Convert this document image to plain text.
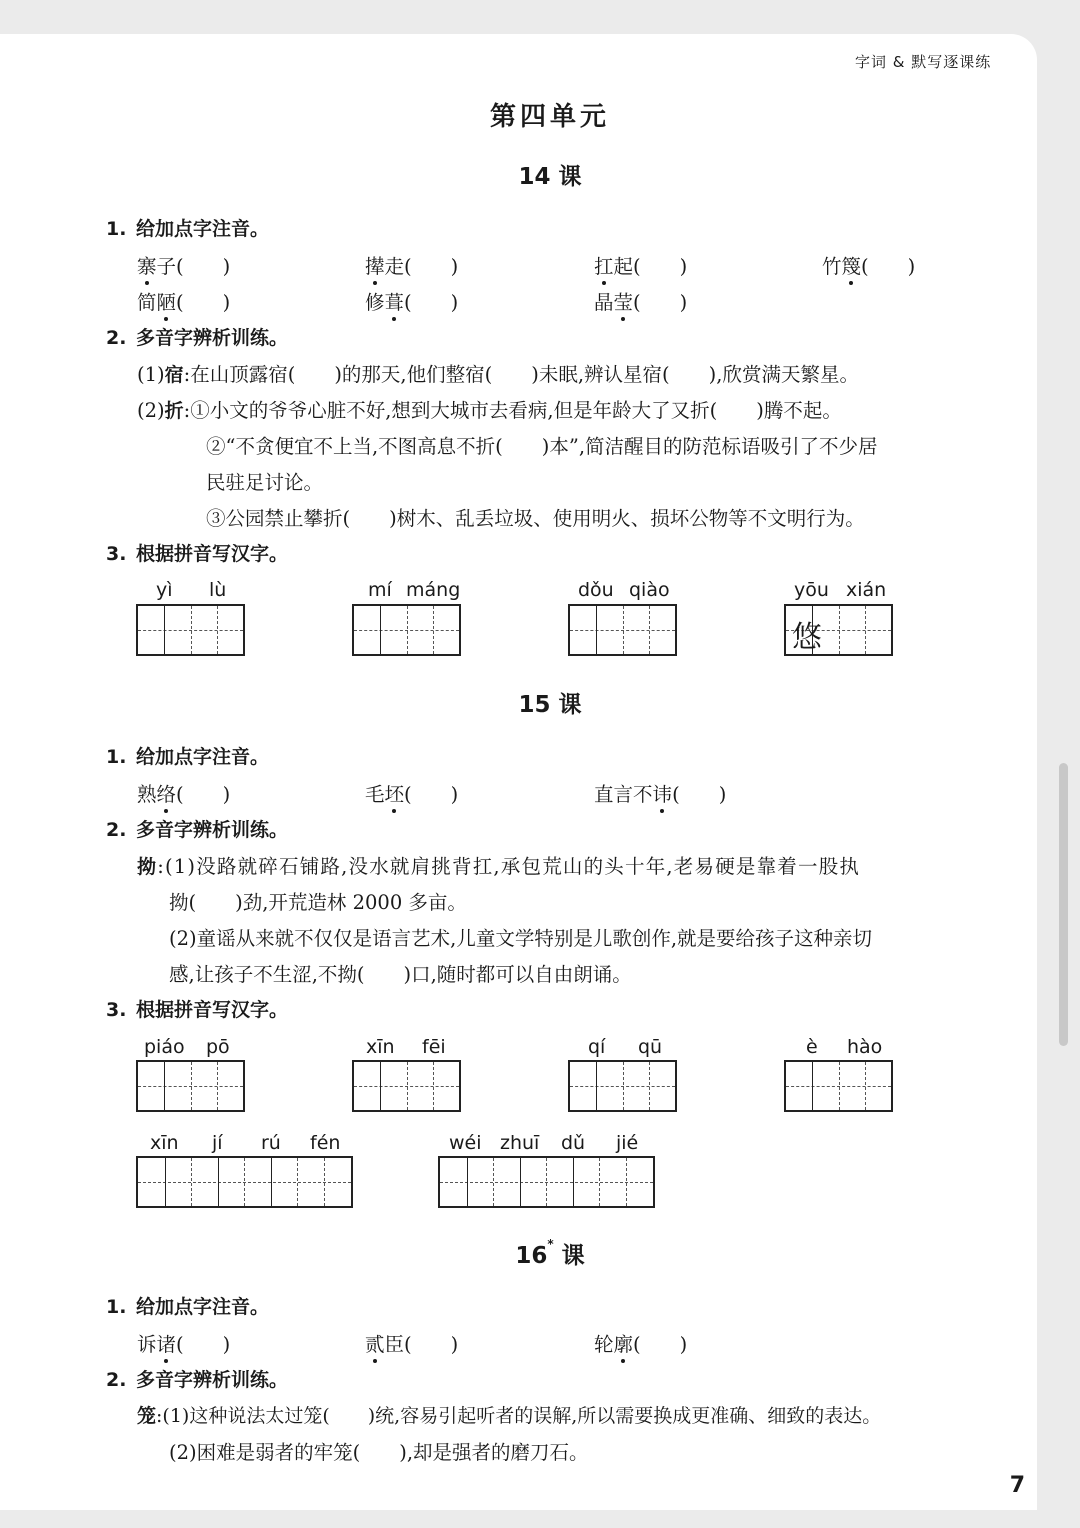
字词 & 默写逐课练
第四单元
14 课
1. 给加点字注音。
寨子(　　)	撵走(　　)	扛起(　　)	竹篾(　　)
简陋(　　)	修葺(　　)	晶莹(　　)
2. 多音字辨析训练。
(1)宿:在山顶露宿(　　)的那天,他们整宿(　　)未眠,辨认星宿(　　),欣赏满天繁星。
(2)折:①小文的爷爷心脏不好,想到大城市去看病,但是年龄大了又折(　　)腾不起。
②“不贪便宜不上当,不图高息不折(　　)本”,简洁醒目的防范标语吸引了不少居
民驻足讨论。
③公园禁止攀折(　　)树木、乱丢垃圾、使用明火、损坏公物等不文明行为。
3. 根据拼音写汉字。
yì lù	mí máng	dǒu qiào	yōu xián
悠
15 课
1. 给加点字注音。
熟络(　　 )	毛坯(　　 )	直言不讳(　　 )
2. 多音字辨析训练。
拗:(1)没路就碎石铺路,没水就肩挑背扛,承包荒山的头十年,老易硬是靠着一股执
拗(　　)劲,开荒造林 2000 多亩。
(2)童谣从来就不仅仅是语言艺术,儿童文学特别是儿歌创作,就是要给孩子这种亲切
感,让孩子不生涩,不拗(　　)口,随时都可以自由朗诵。
3. 根据拼音写汉字。
piáo pō	xīn fēi	qí qū	è hào
xīn jí rú fén	wéi zhuī dǔ jié
16* 课
1. 给加点字注音。
诉诸(　　 )	贰臣(　　 )	轮廓(　　 )
2. 多音字辨析训练。
笼:(1)这种说法太过笼(　　)统,容易引起听者的误解,所以需要换成更准确、细致的表达。
(2)困难是弱者的牢笼(　　),却是强者的磨刀石。
7
